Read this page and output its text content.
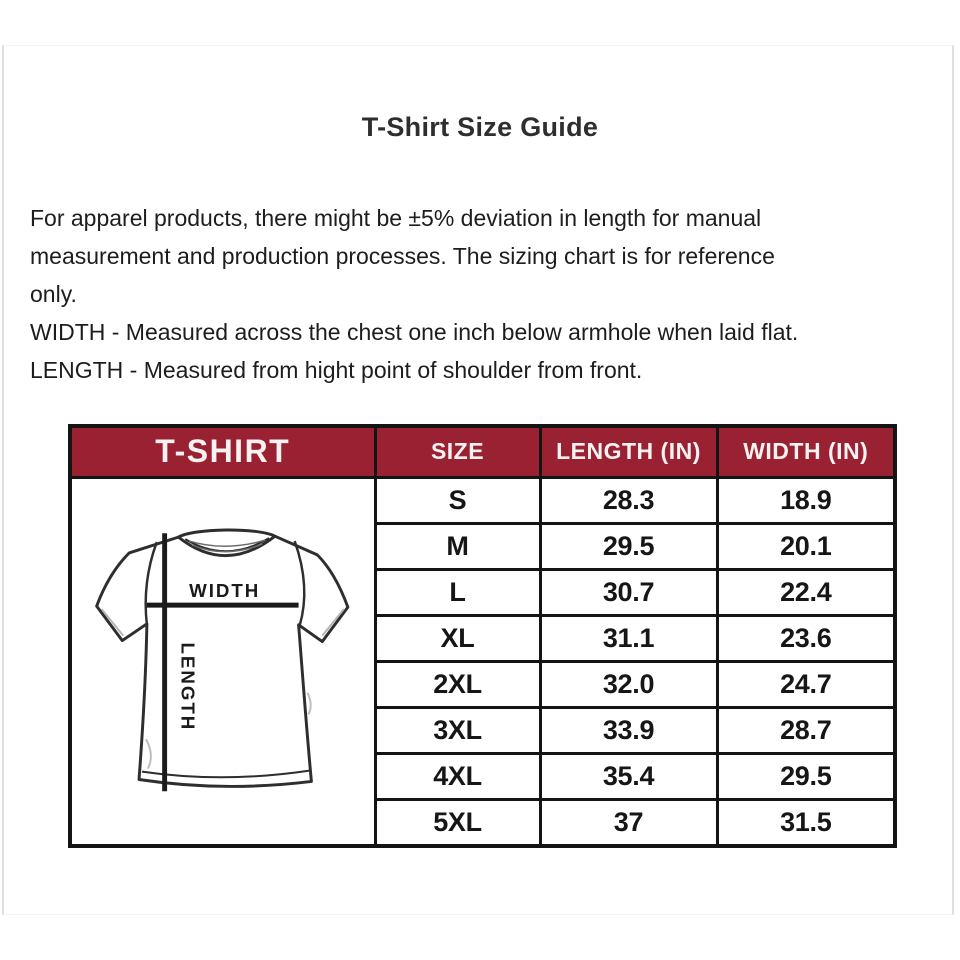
T-Shirt Size Guide
For apparel products, there might be ±5% deviation in length for manual
measurement and production processes. The sizing chart is for reference
only.
WIDTH - Measured across the chest one inch below armhole when laid flat.
LENGTH - Measured from hight point of shoulder from front.
T-SHIRT	SIZE	LENGTH (IN)	WIDTH (IN)

WIDTH
LENGTH	S	28.3	18.9
	M	29.5	20.1
	L	30.7	22.4
	XL	31.1	23.6
	2XL	32.0	24.7
	3XL	33.9	28.7
	4XL	35.4	29.5
	5XL	37	31.5
